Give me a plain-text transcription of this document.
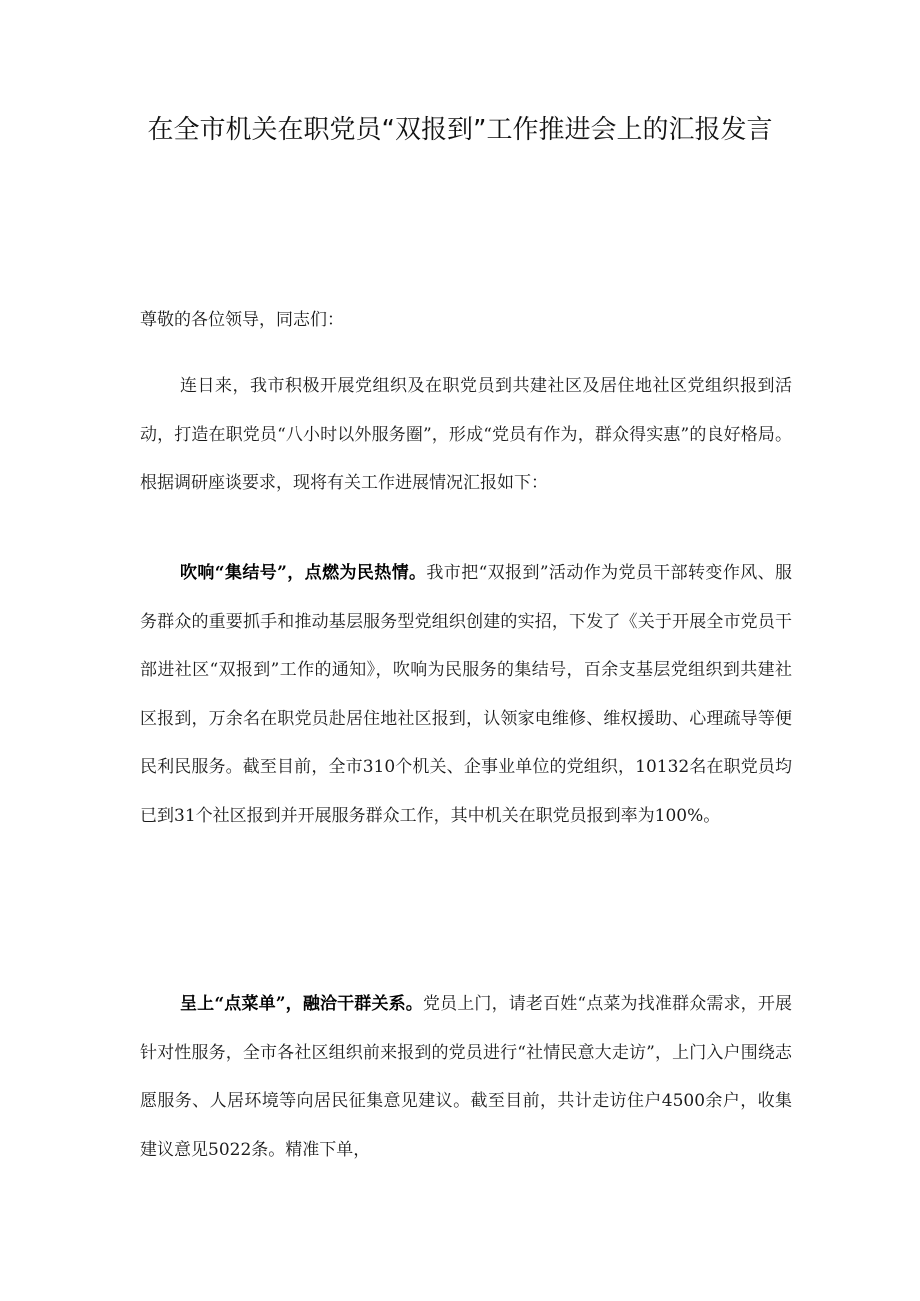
在全市机关在职党员“双报到”工作推进会上的汇报发言

尊敬的各位领导，同志们：

连日来，我市积极开展党组织及在职党员到共建社区及居住地社区党组织报到活动，打造在职党员“八小时以外服务圈”，形成“党员有作为，群众得实惠”的良好格局。根据调研座谈要求，现将有关工作进展情况汇报如下：

吹响“集结号”，点燃为民热情。我市把“双报到”活动作为党员干部转变作风、服务群众的重要抓手和推动基层服务型党组织创建的实招，下发了《关于开展全市党员干部进社区“双报到”工作的通知》，吹响为民服务的集结号，百余支基层党组织到共建社区报到，万余名在职党员赴居住地社区报到，认领家电维修、维权援助、心理疏导等便民利民服务。截至目前，全市310个机关、企事业单位的党组织，10132名在职党员均已到31个社区报到并开展服务群众工作，其中机关在职党员报到率为100%。

呈上“点菜单”，融洽干群关系。党员上门，请老百姓“点菜为找准群众需求，开展针对性服务，全市各社区组织前来报到的党员进行“社情民意大走访”，上门入户围绕志愿服务、人居环境等向居民征集意见建议。截至目前，共计走访住户4500余户，收集建议意见5022条。精准下单，
